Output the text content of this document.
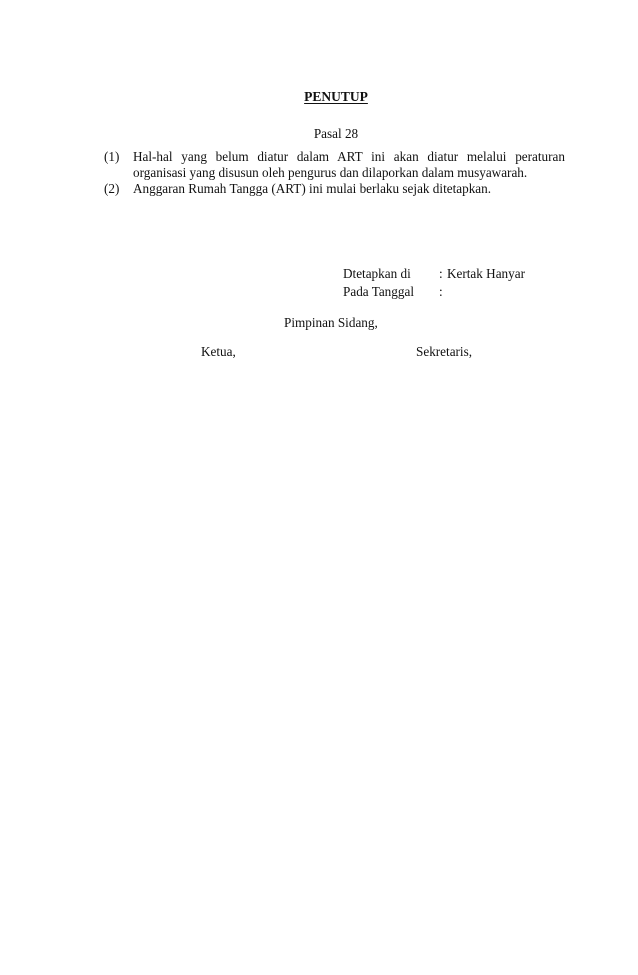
PENUTUP
Pasal 28
(1)	Hal-hal yang belum diatur dalam ART ini akan diatur melalui peraturan organisasi yang disusun oleh pengurus dan dilaporkan dalam musyawarah.
(2)	Anggaran Rumah Tangga (ART) ini mulai berlaku sejak ditetapkan.
Dtetapkan di	: Kertak Hanyar
Pada Tanggal	:
Pimpinan Sidang,
Ketua,	Sekretaris,
